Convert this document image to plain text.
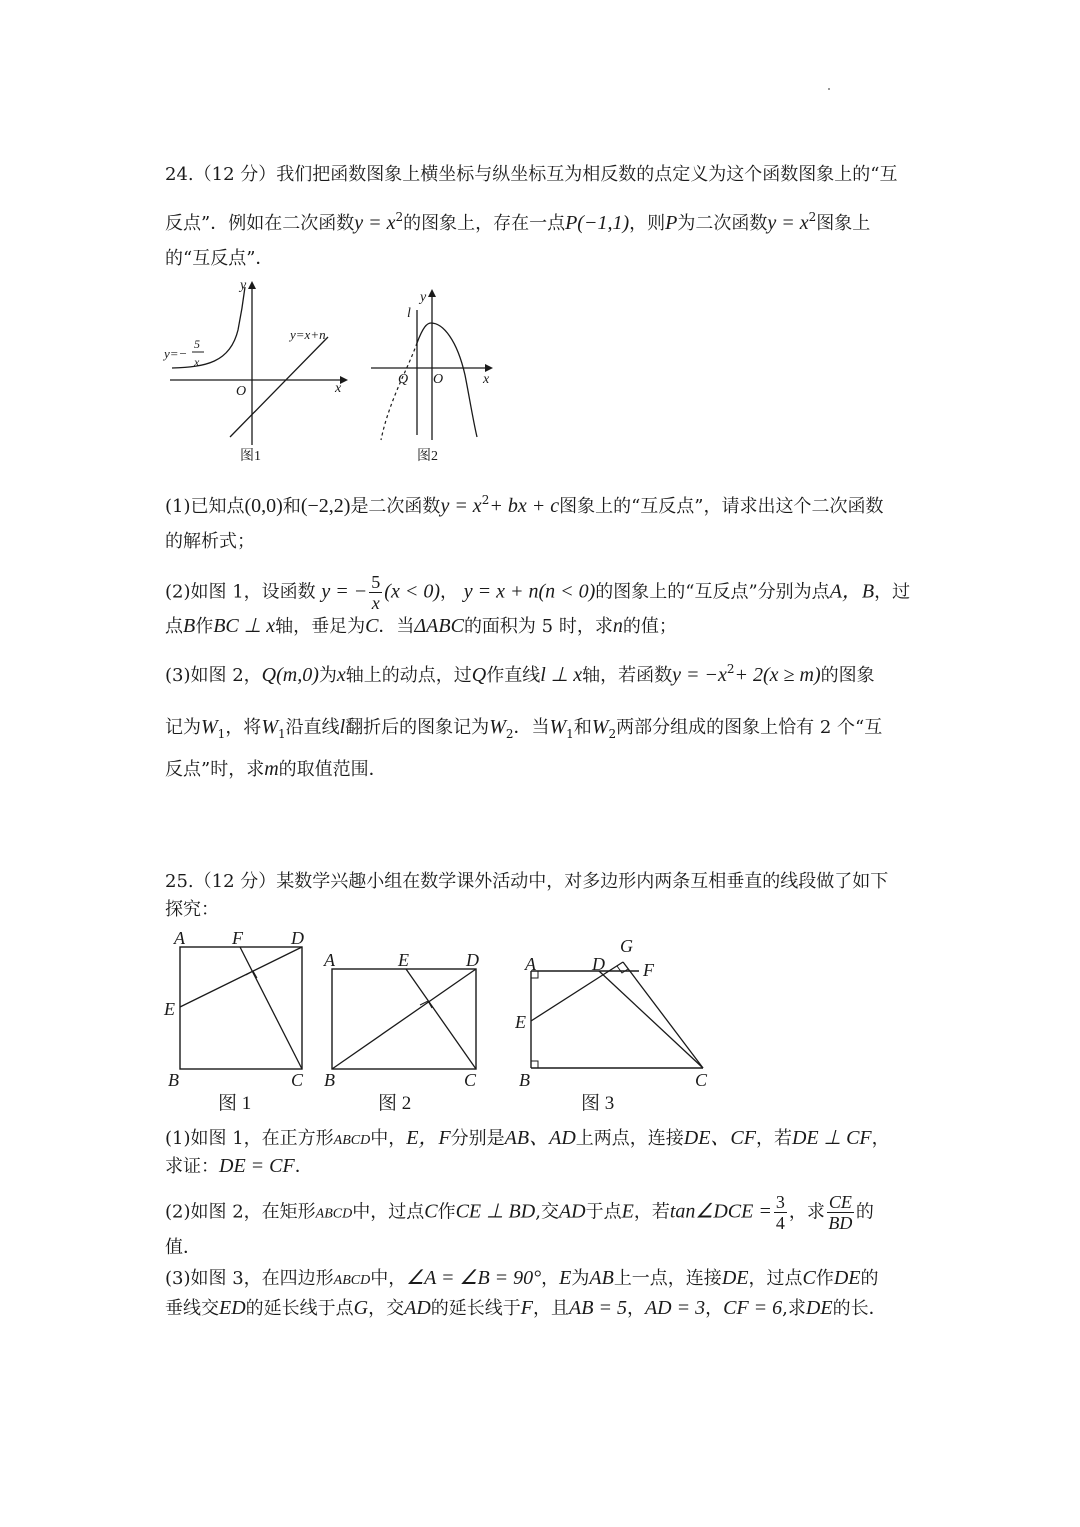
24.（12 分）我们把函数图象上横坐标与纵坐标互为相反数的点定义为这个函数图象上的“互
反点”．例如在二次函数$y = x^2$的图象上，存在一点P(−1,1)，则P为二次函数$y = x^2$图象上
的“互反点”．
y
x
O
y=−
5
x
y=x+n
图1
y
l
x
Q O
图2
(1)已知点(0,0)和(−2,2)是二次函数$y = x^2+$ bx + c图象上的“互反点”，请求出这个二次函数
的解析式；
(2)如图 1，设函数 y = − $\frac{5}{x} (x < 0)$， y = x + n(n < 0)的图象上的“互反点”分别为点A，B，过
点B作BC ⊥ x轴，垂足为C．当ΔABC的面积为 5 时，求n的值；
(3)如图 2，Q(m,0)为x轴上的动点，过Q作直线l ⊥ x轴，若函数$y = -x^2+ 2(x \ge m)$的图象
记为$W_1$，将$W_1$沿直线l翻折后的图象记为$W_2$．当$W_1$和$W_2$两部分组成的图象上恰有 2 个“互
反点”时，求m的取值范围．
25.（12 分）某数学兴趣小组在数学课外活动中，对多边形内两条互相垂直的线段做了如下
探究：
A	F	D
E
B	C
图 1
A	E	D
B	C
图 2
A	D
G
F
E
B	C
图 3
(1)如图 1，在正方形ABCD中，E，F分别是AB、AD上两点，连接DE、CF，若DE ⊥ CF，
求证：DE = CF．
(2)如图 2，在矩形ABCD中，过点C作CE ⊥ BD,交AD于点E，若tan∠DCE = $\frac{3}{4}$ ，求 $\frac{CE}{BD}$ 的
值．
(3)如图 3，在四边形ABCD中，∠A = ∠B = 90°，E为AB上一点，连接DE，过点C作DE的
垂线交ED的延长线于点G，交AD的延长线于F，且AB = 5，AD = 3，CF = 6,求DE的长．
